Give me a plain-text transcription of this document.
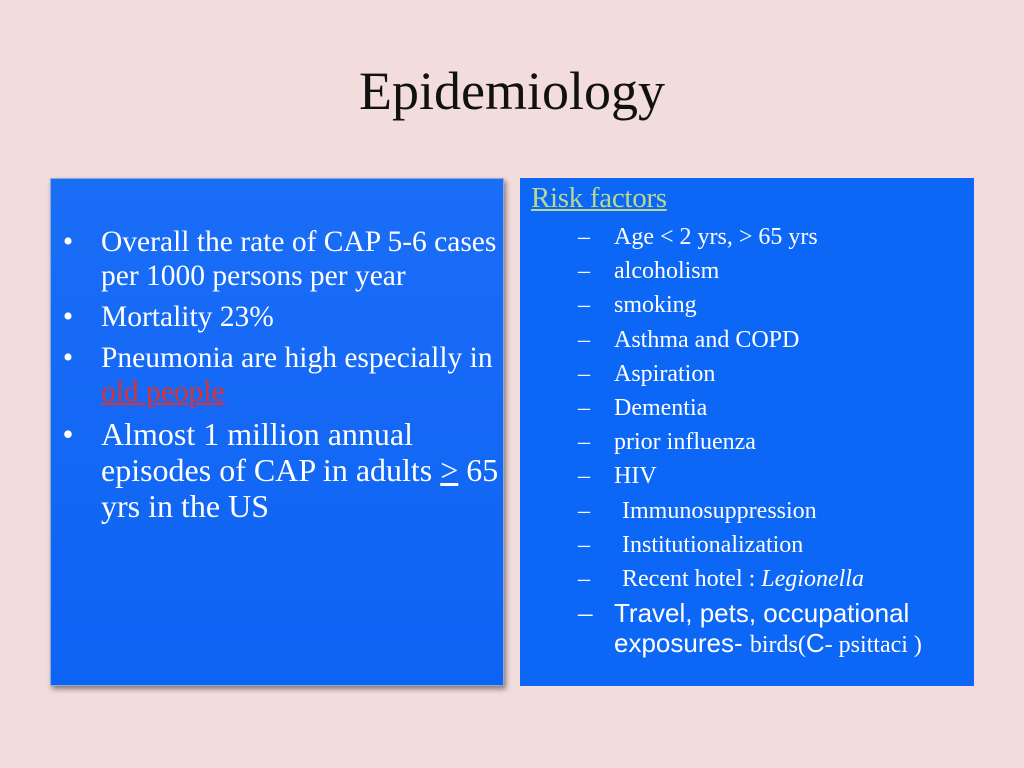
Epidemiology
• Overall the rate of CAP 5-6 cases per 1000 persons per year
• Mortality 23%
• Pneumonia are high especially in old people
• Almost 1 million annual episodes of CAP in adults ≥ 65 yrs in the US
Risk factors
– Age < 2 yrs, > 65 yrs
– alcoholism
– smoking
– Asthma and COPD
– Aspiration
– Dementia
– prior influenza
– HIV
– Immunosuppression
– Institutionalization
– Recent hotel : Legionella
– Travel, pets, occupational exposures- birds(C- psittaci )
